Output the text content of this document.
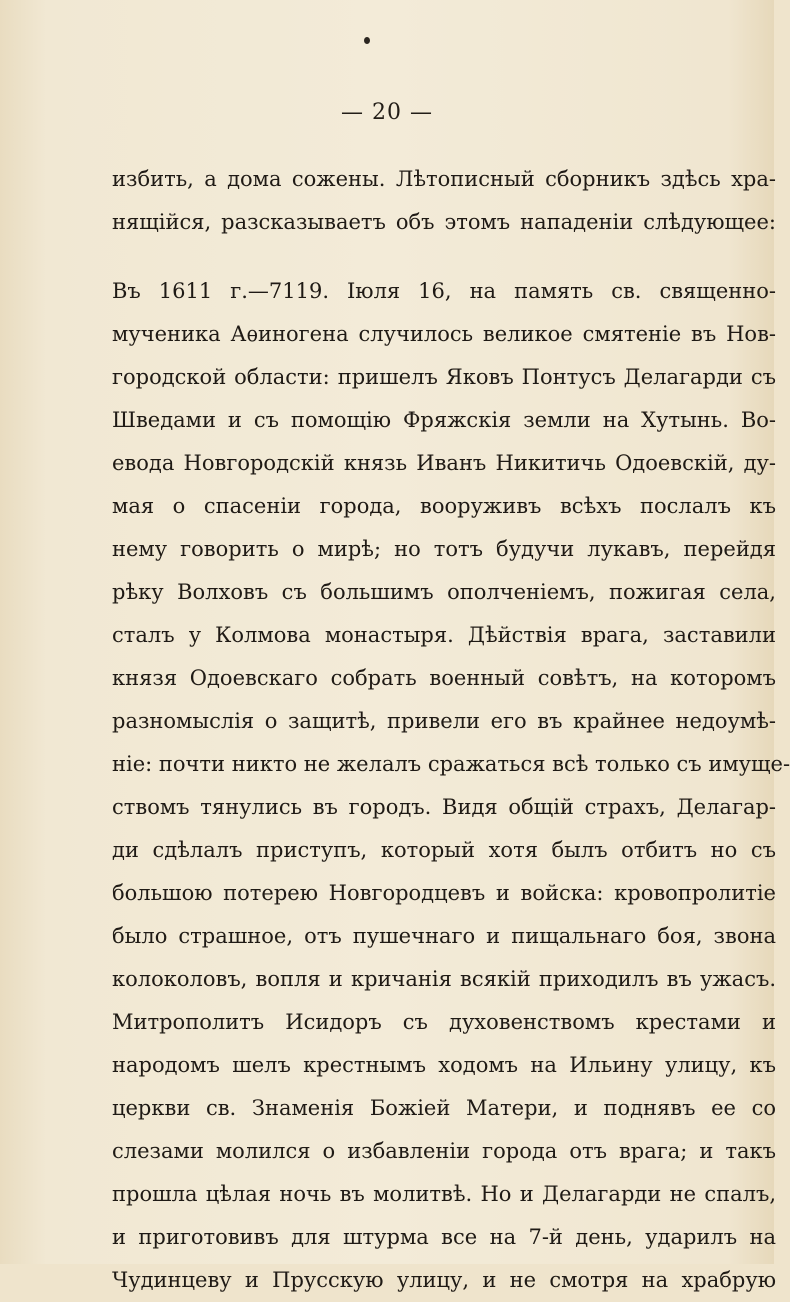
— 20 —
избить, а дома сожены. Лѣтописный сборникъ здѣсь хра-
нящійся, разсказываетъ объ этомъ нападеніи слѣдующее:
Въ 1611 г.—7119. Іюля 16, на память св. священно-
мученика Аѳиногена случилось великое смятеніе въ Нов-
городской области: пришелъ Яковъ Понтусъ Делагарди съ
Шведами и съ помощію Фряжскія земли на Хутынь. Во-
евода Новгородскій князь Иванъ Никитичь Одоевскій, ду-
мая о спасеніи города, вооруживъ всѣхъ послалъ къ
нему говорить о мирѣ; но тотъ будучи лукавъ, перейдя
рѣку Волховъ съ большимъ ополченіемъ, пожигая села,
сталъ у Колмова монастыря. Дѣйствія врага, заставили
князя Одоевскаго собрать военный совѣтъ, на которомъ
разномыслія о защитѣ, привели его въ крайнее недоумѣ-
ніе: почти никто не желалъ сражаться всѣ только съ имуще-
ствомъ тянулись въ городъ. Видя общій страхъ, Делагар-
ди сдѣлалъ приступъ, который хотя былъ отбитъ но съ
большою потерею Новгородцевъ и войска: кровопролитіе
было страшное, отъ пушечнаго и пищальнаго боя, звона
колоколовъ, вопля и кричанія всякій приходилъ въ ужасъ.
Митрополитъ Исидоръ съ духовенствомъ крестами и
народомъ шелъ крестнымъ ходомъ на Ильину улицу, къ
церкви св. Знаменія Божіей Матери, и поднявъ ее со
слезами молился о избавленіи города отъ врага; и такъ
прошла цѣлая ночь въ молитвѣ. Но и Делагарди не спалъ,
и приготовивъ для штурма все на 7-й день, ударилъ на
Чудинцеву и Прусскую улицу, и не смотря на храбрую
